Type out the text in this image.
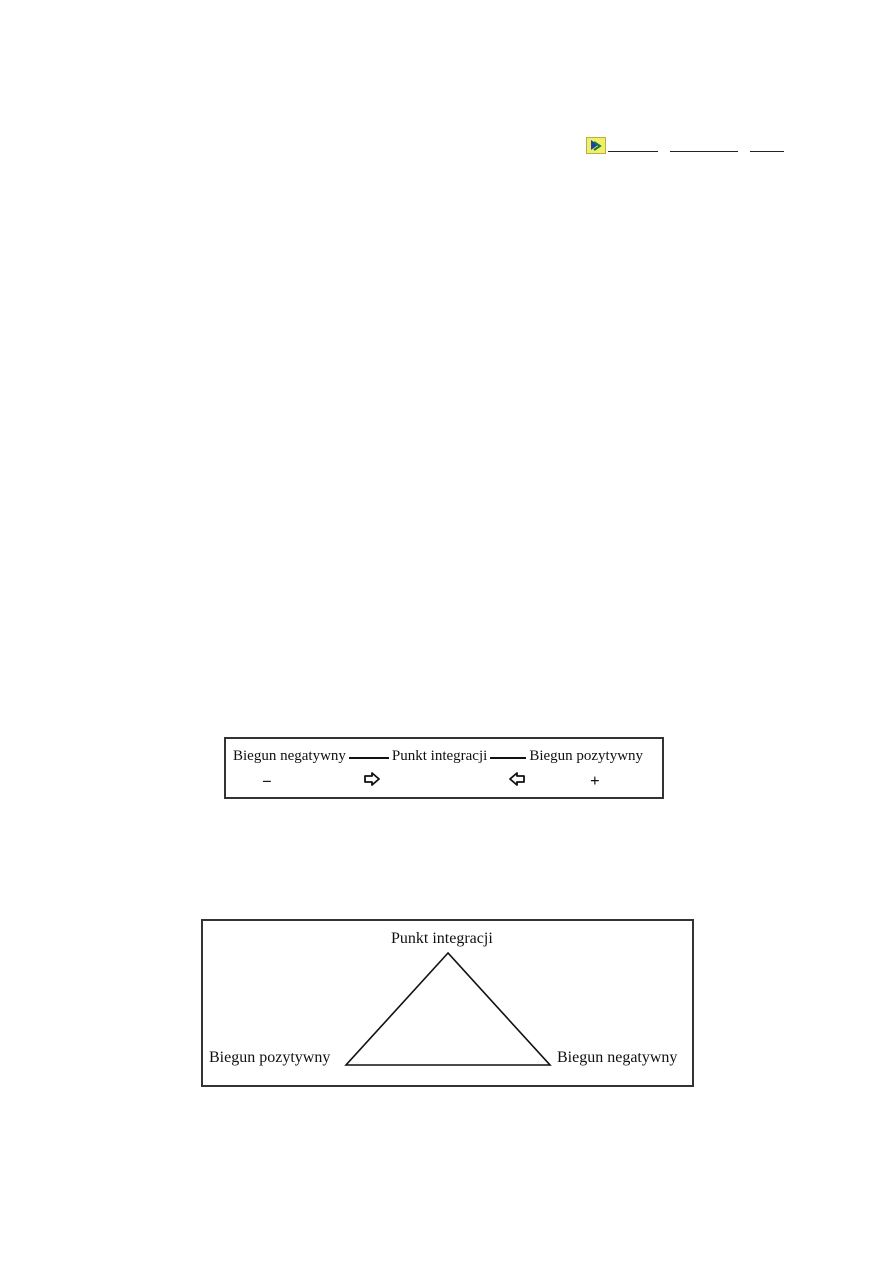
Biegun negatywny	Punkt integracji	Biegun pozytywny
−	+
Punkt integracji
Biegun pozytywny	Biegun negatywny
